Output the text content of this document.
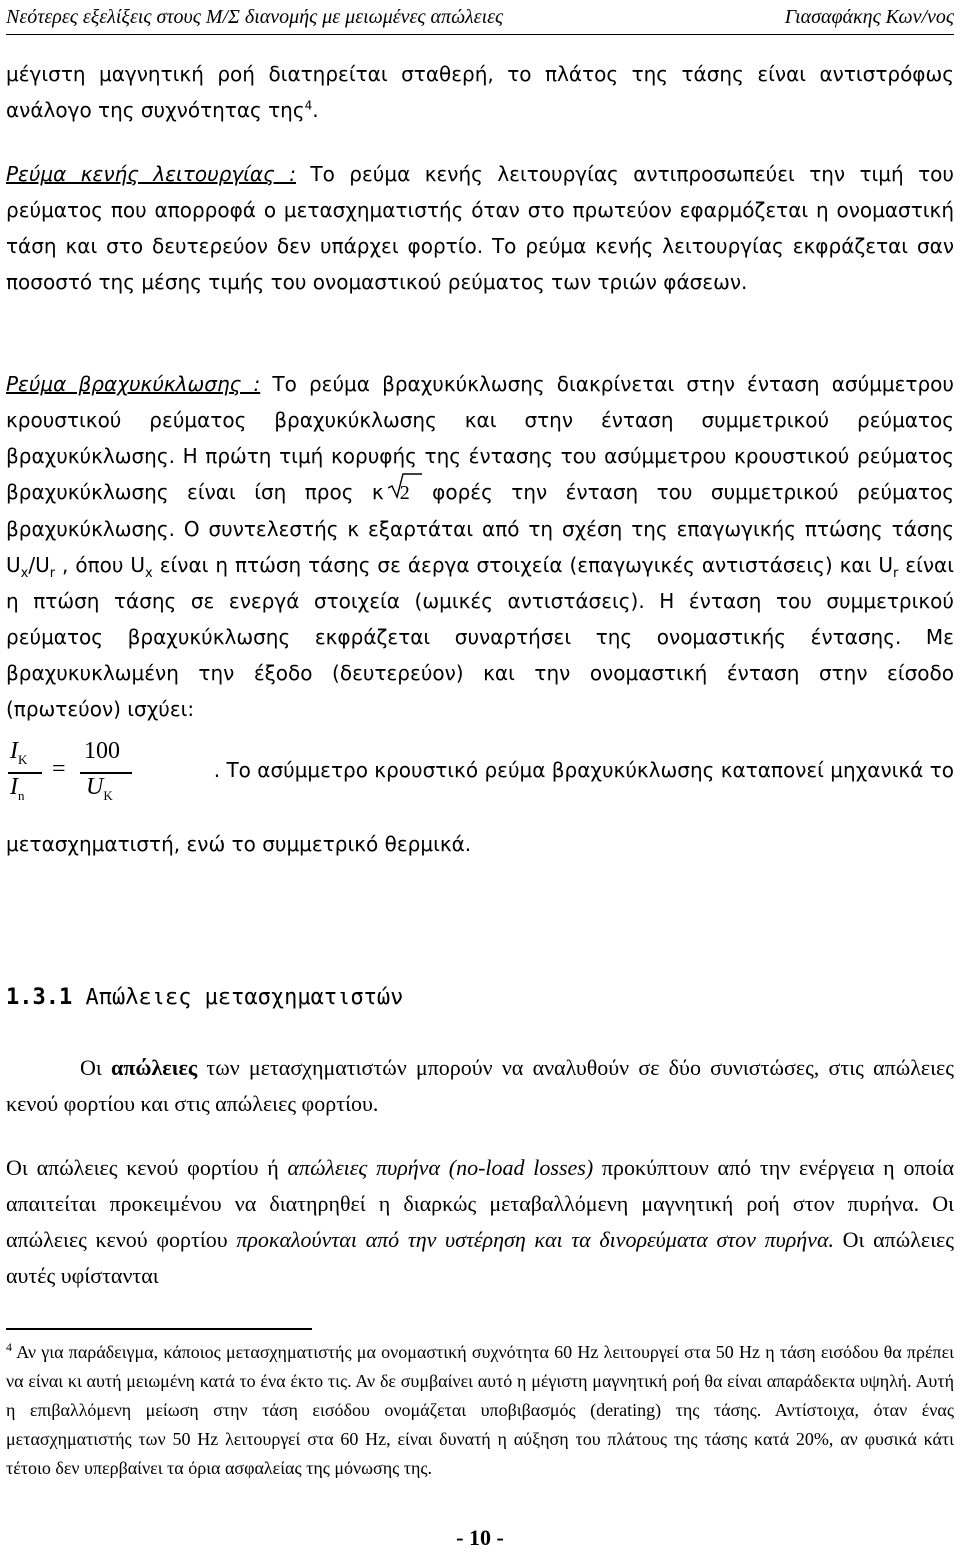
Νεότερες εξελίξεις στους Μ/Σ διανομής με μειωμένες απώλειες	Γιασαφάκης Κων/νος
μέγιστη μαγνητική ροή διατηρείται σταθερή, το πλάτος της τάσης είναι αντιστρόφως ανάλογο της συχνότητας της$^4$.
Ρεύμα κενής λειτουργίας : Το ρεύμα κενής λειτουργίας αντιπροσωπεύει την τιμή του ρεύματος που απορροφά ο μετασχηματιστής όταν στο πρωτεύον εφαρμόζεται η ονομαστική τάση και στο δευτερεύον δεν υπάρχει φορτίο. Το ρεύμα κενής λειτουργίας εκφράζεται σαν ποσοστό της μέσης τιμής του ονομαστικού ρεύματος των τριών φάσεων.
Ρεύμα βραχυκύκλωσης : Το ρεύμα βραχυκύκλωσης διακρίνεται στην ένταση ασύμμετρου κρουστικού ρεύματος βραχυκύκλωσης και στην ένταση συμμετρικού ρεύματος βραχυκύκλωσης. Η πρώτη τιμή κορυφής της έντασης του ασύμμετρου κρουστικού ρεύματος βραχυκύκλωσης είναι ίση προς κ 2 φορές την ένταση του συμμετρικού ρεύματος βραχυκύκλωσης. Ο συντελεστής κ εξαρτάται από τη σχέση της επαγωγικής πτώσης τάσης $U_x/U_r$ , όπου $U_x$ είναι η πτώση τάσης σε άεργα στοιχεία (επαγωγικές αντιστάσεις) και $U_r$ είναι η πτώση τάσης σε ενεργά στοιχεία (ωμικές αντιστάσεις). Η ένταση του συμμετρικού ρεύματος βραχυκύκλωσης εκφράζεται συναρτήσει της ονομαστικής έντασης. Με βραχυκυκλωμένη την έξοδο (δευτερεύον) και την ονομαστική ένταση στην είσοδο (πρωτεύον) ισχύει:
$I_K$
$I_n$
=
100
$U_K$
. Το ασύμμετρο κρουστικό ρεύμα βραχυκύκλωσης καταπονεί μηχανικά το
μετασχηματιστή, ενώ το συμμετρικό θερμικά.
1.3.1 Απώλειες μετασχηματιστών
Οι απώλειες των μετασχηματιστών μπορούν να αναλυθούν σε δύο συνιστώσες, στις απώλειες κενού φορτίου και στις απώλειες φορτίου.
Οι απώλειες κενού φορτίου ή απώλειες πυρήνα (no-load losses) προκύπτουν από την ενέργεια η οποία απαιτείται προκειμένου να διατηρηθεί η διαρκώς μεταβαλλόμενη μαγνητική ροή στον πυρήνα. Οι απώλειες κενού φορτίου προκαλούνται από την υστέρηση και τα δινορεύματα στον πυρήνα. Οι απώλειες αυτές υφίστανται
$^4$ Αν για παράδειγμα, κάποιος μετασχηματιστής μα ονομαστική συχνότητα 60 Hz λειτουργεί στα 50 Hz η τάση εισόδου θα πρέπει να είναι κι αυτή μειωμένη κατά το ένα έκτο τις. Αν δε συμβαίνει αυτό η μέγιστη μαγνητική ροή θα είναι απαράδεκτα υψηλή. Αυτή η επιβαλλόμενη μείωση στην τάση εισόδου ονομάζεται υποβιβασμός (derating) της τάσης. Αντίστοιχα, όταν ένας μετασχηματιστής των 50 Hz λειτουργεί στα 60 Hz, είναι δυνατή η αύξηση του πλάτους της τάσης κατά 20%, αν φυσικά κάτι τέτοιο δεν υπερβαίνει τα όρια ασφαλείας της μόνωσης της.
- 10 -
